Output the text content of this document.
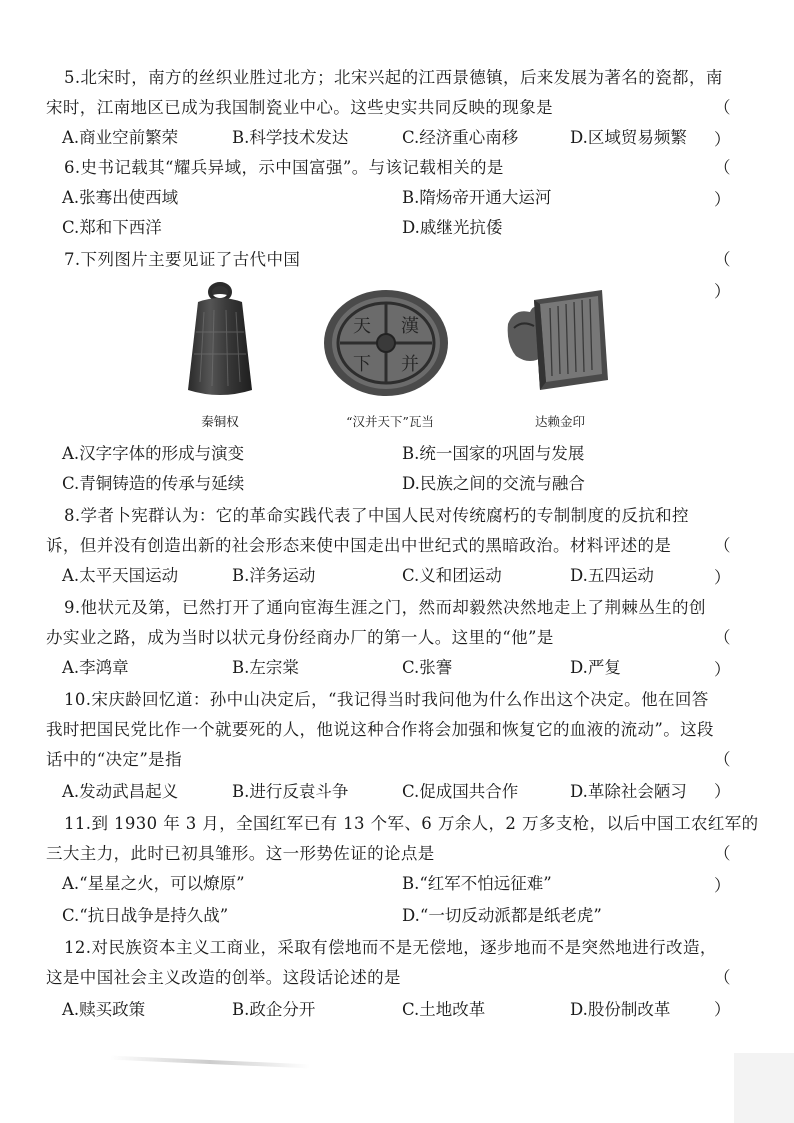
5.北宋时，南方的丝织业胜过北方；北宋兴起的江西景德镇，后来发展为著名的瓷都，南
宋时，江南地区已成为我国制瓷业中心。这些史实共同反映的现象是	（ ）
A.商业空前繁荣	B.科学技术发达	C.经济重心南移	D.区域贸易频繁
6.史书记载其“耀兵异域，示中国富强”。与该记载相关的是	（ ）
A.张骞出使西域	B.隋炀帝开通大运河
C.郑和下西洋	D.戚继光抗倭
7.下列图片主要见证了古代中国	（ ）
秦铜权
天
下
漢
并
“汉并天下”瓦当	达赖金印
A.汉字字体的形成与演变	B.统一国家的巩固与发展
C.青铜铸造的传承与延续	D.民族之间的交流与融合
8.学者卜宪群认为：它的革命实践代表了中国人民对传统腐朽的专制制度的反抗和控
诉，但并没有创造出新的社会形态来使中国走出中世纪式的黑暗政治。材料评述的是	（ ）
A.太平天国运动	B.洋务运动	C.义和团运动	D.五四运动
9.他状元及第，已然打开了通向宦海生涯之门，然而却毅然决然地走上了荆棘丛生的创
办实业之路，成为当时以状元身份经商办厂的第一人。这里的“他”是	（ ）
A.李鸿章	B.左宗棠	C.张謇	D.严复
10.宋庆龄回忆道：孙中山决定后，“我记得当时我问他为什么作出这个决定。他在回答
我时把国民党比作一个就要死的人，他说这种合作将会加强和恢复它的血液的流动”。这段
话中的“决定”是指	（ ）
A.发动武昌起义	B.进行反袁斗争	C.促成国共合作	D.革除社会陋习
11.到 1930 年 3 月，全国红军已有 13 个军、6 万余人，2 万多支枪，以后中国工农红军的
三大主力，此时已初具雏形。这一形势佐证的论点是	（ ）
A.“星星之火，可以燎原”	B.“红军不怕远征难”
C.“抗日战争是持久战”	D.“一切反动派都是纸老虎”
12.对民族资本主义工商业，采取有偿地而不是无偿地，逐步地而不是突然地进行改造，
这是中国社会主义改造的创举。这段话论述的是	（ ）
A.赎买政策	B.政企分开	C.土地改革	D.股份制改革
